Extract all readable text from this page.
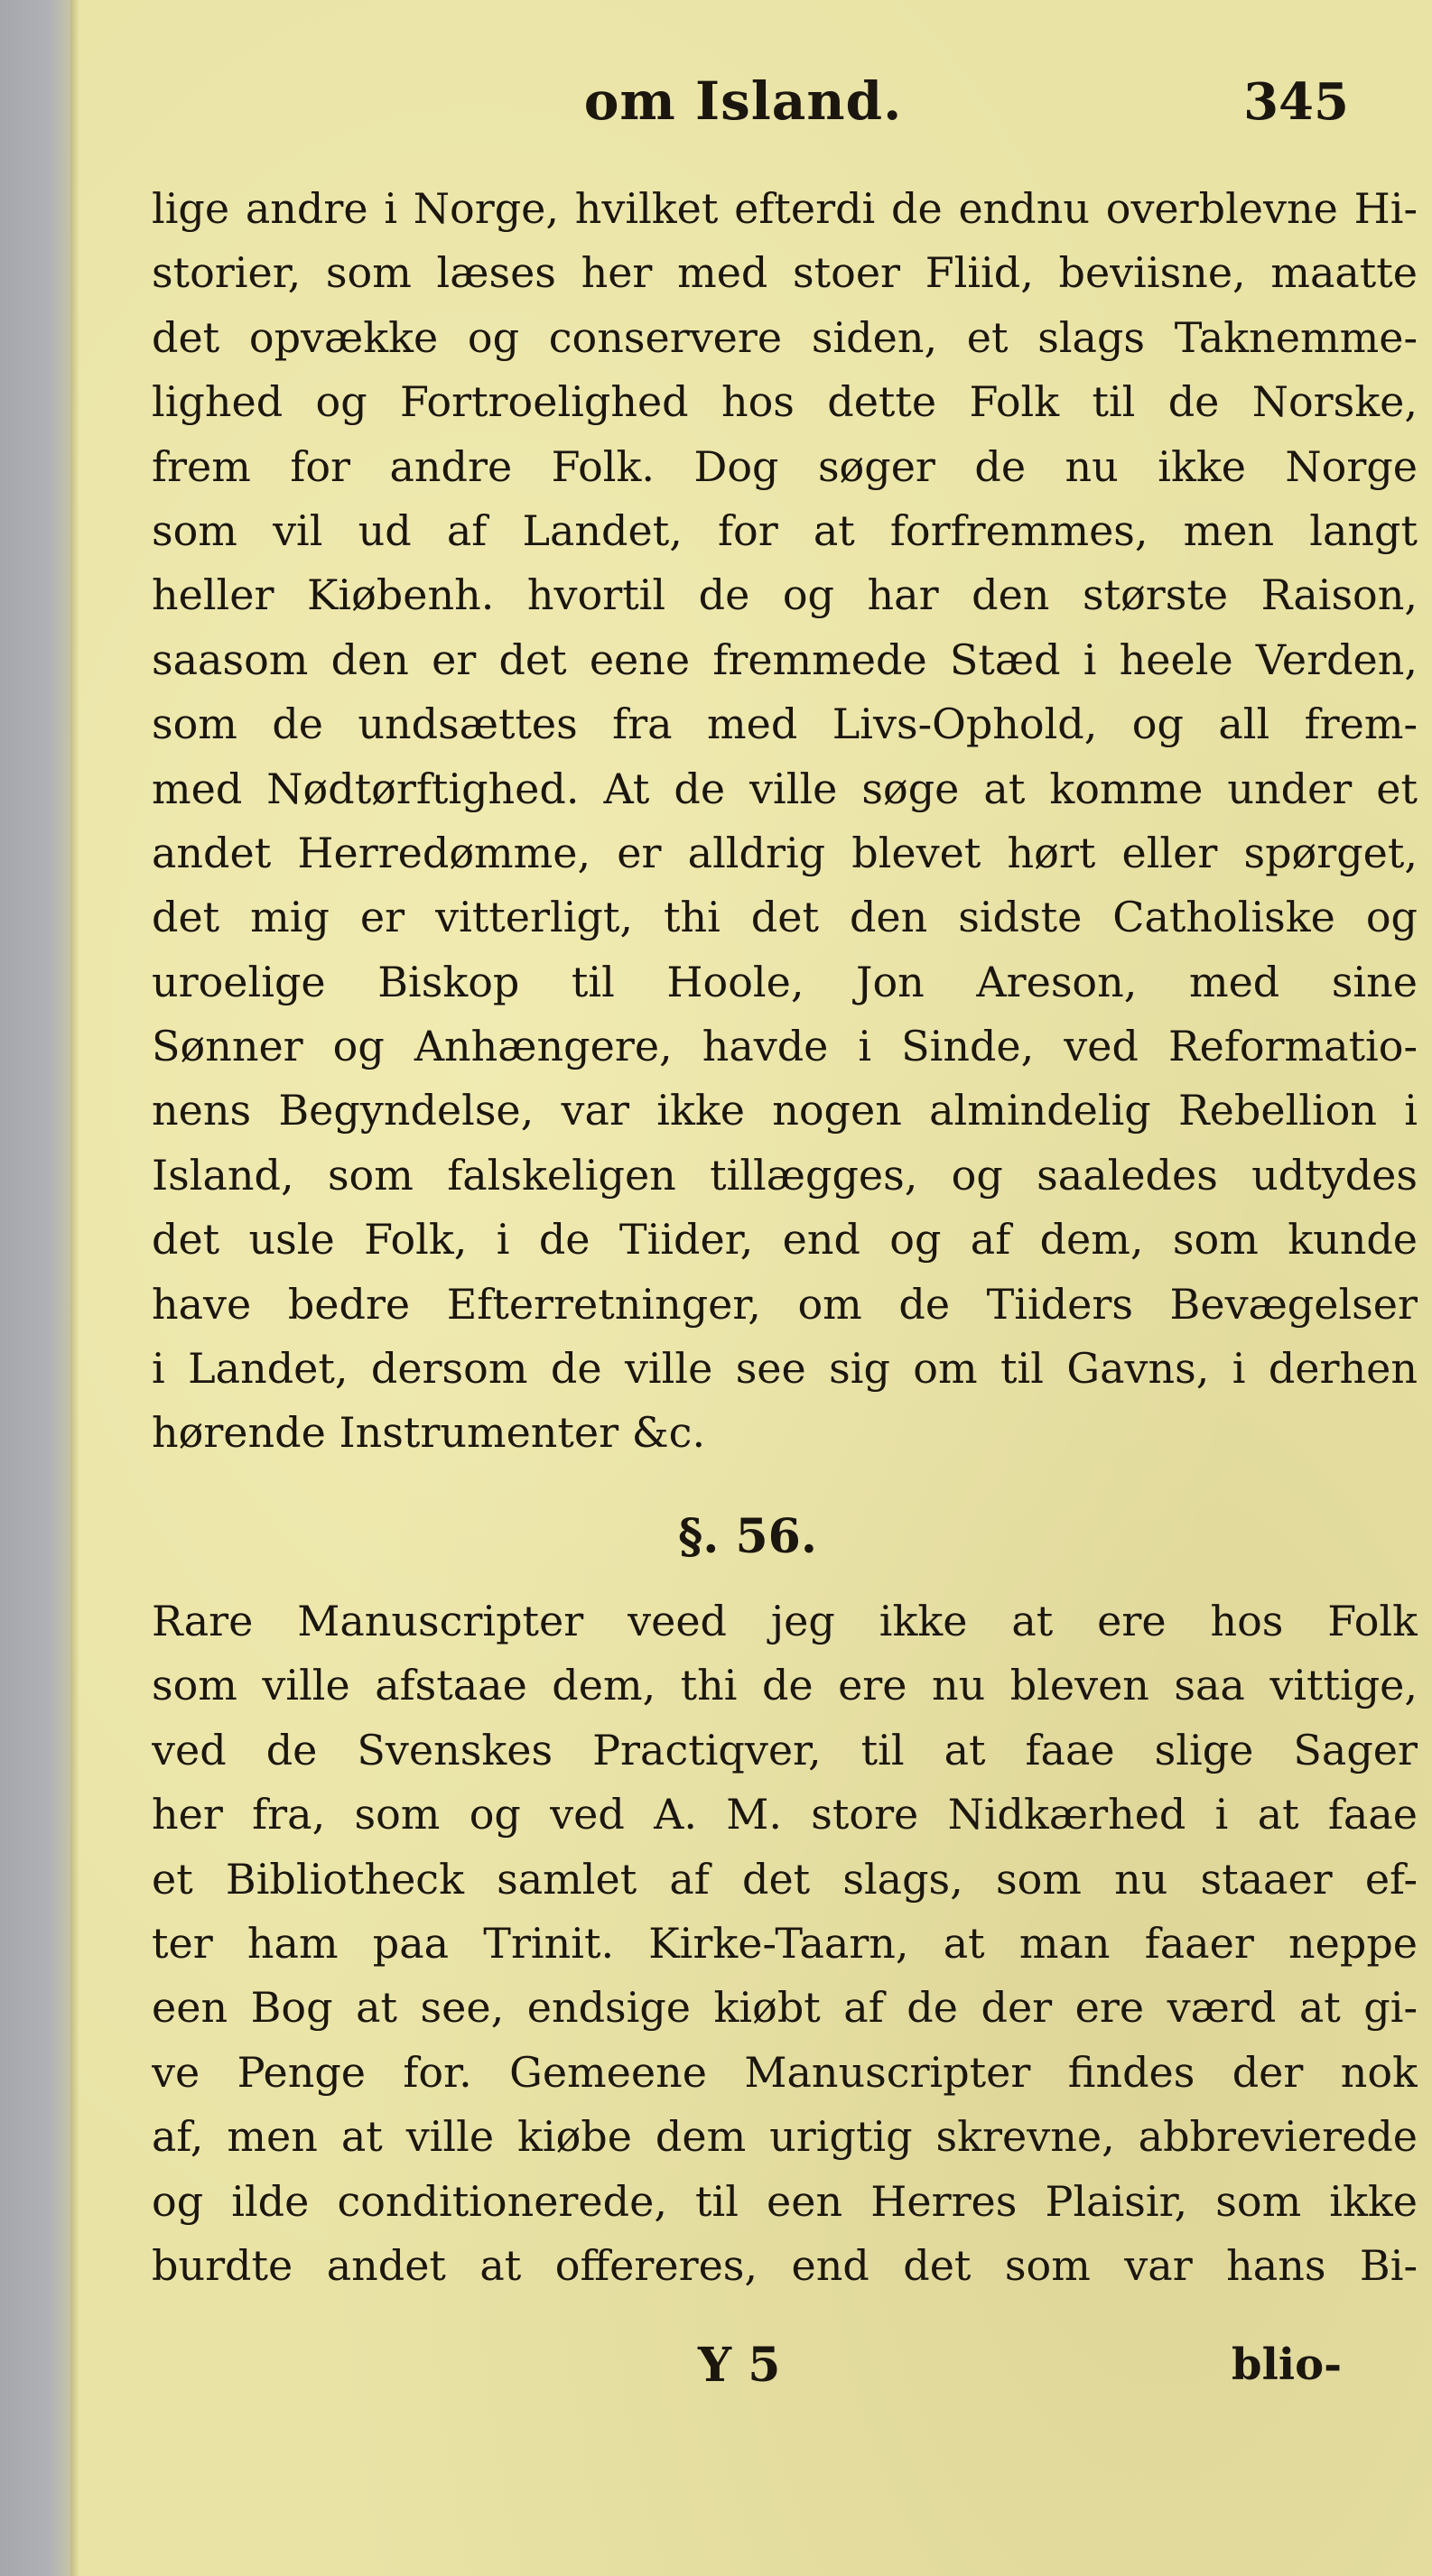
om Island.	345
lige andre i Norge, hvilket efterdi de endnu overblevne Hi-
storier, som læses her med stoer Fliid, beviisne, maatte
det opvække og conservere siden, et slags Taknemme-
lighed og Fortroelighed hos dette Folk til de Norske,
frem for andre Folk. Dog søger de nu ikke Norge
som vil ud af Landet, for at forfremmes, men langt
heller Kiøbenh. hvortil de og har den største Raison,
saasom den er det eene fremmede Stæd i heele Verden,
som de undsættes fra med Livs-Ophold, og all frem-
med Nødtørftighed. At de ville søge at komme under et
andet Herredømme, er alldrig blevet hørt eller spørget,
det mig er vitterligt, thi det den sidste Catholiske og
uroelige Biskop til Hoole, Jon Areson, med sine
Sønner og Anhængere, havde i Sinde, ved Reformatio-
nens Begyndelse, var ikke nogen almindelig Rebellion i
Island, som falskeligen tillægges, og saaledes udtydes
det usle Folk, i de Tiider, end og af dem, som kunde
have bedre Efterretninger, om de Tiiders Bevægelser
i Landet, dersom de ville see sig om til Gavns, i derhen
hørende Instrumenter &c.
§. 56.
Rare Manuscripter veed jeg ikke at ere hos Folk
som ville afstaae dem, thi de ere nu bleven saa vittige,
ved de Svenskes Practiqver, til at faae slige Sager
her fra, som og ved A. M. store Nidkærhed i at faae
et Bibliotheck samlet af det slags, som nu staaer ef-
ter ham paa Trinit. Kirke-Taarn, at man faaer neppe
een Bog at see, endsige kiøbt af de der ere værd at gi-
ve Penge for. Gemeene Manuscripter findes der nok
af, men at ville kiøbe dem urigtig skrevne, abbrevierede
og ilde conditionerede, til een Herres Plaisir, som ikke
burdte andet at offereres, end det som var hans Bi-
Y 5	blio-
